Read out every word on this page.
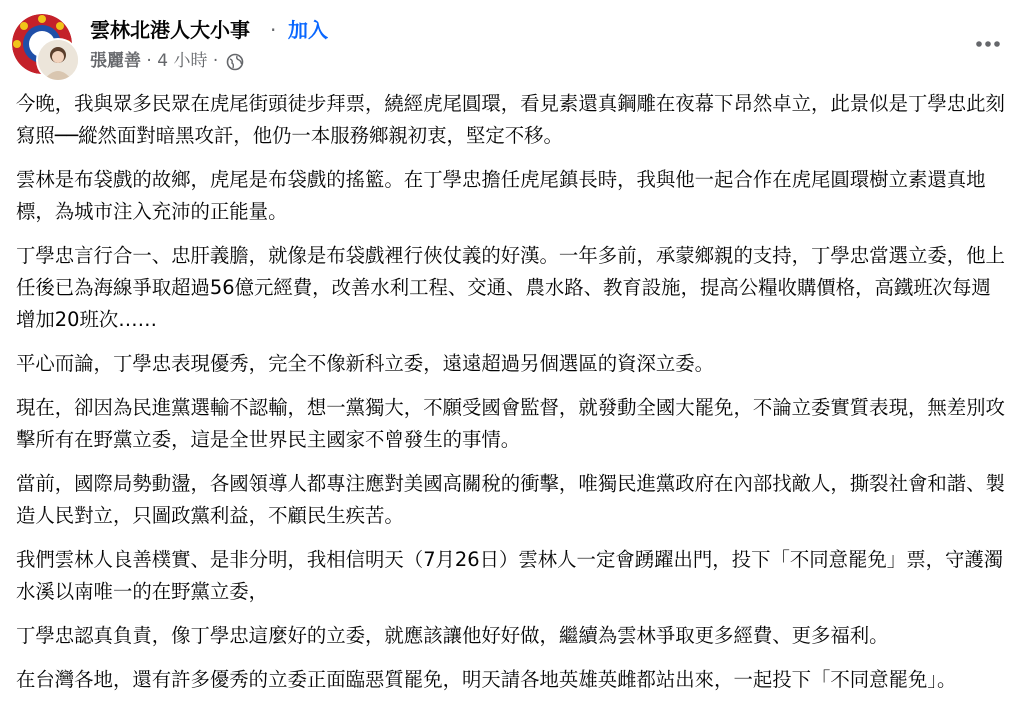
雲林北港人大小事 · 加入
張麗善 · 4 小時 ·

今晚，我與眾多民眾在虎尾街頭徒步拜票，繞經虎尾圓環，看見素還真鋼雕在夜幕下昂然卓立，此景似是丁學忠此刻寫照──縱然面對暗黑攻訐，他仍一本服務鄉親初衷，堅定不移。

雲林是布袋戲的故鄉，虎尾是布袋戲的搖籃。在丁學忠擔任虎尾鎮長時，我與他一起合作在虎尾圓環樹立素還真地標，為城市注入充沛的正能量。

丁學忠言行合一、忠肝義膽，就像是布袋戲裡行俠仗義的好漢。一年多前，承蒙鄉親的支持，丁學忠當選立委，他上任後已為海線爭取超過56億元經費，改善水利工程、交通、農水路、教育設施，提高公糧收購價格，高鐵班次每週增加20班次……

平心而論，丁學忠表現優秀，完全不像新科立委，遠遠超過另個選區的資深立委。

現在，卻因為民進黨選輸不認輸，想一黨獨大，不願受國會監督，就發動全國大罷免，不論立委實質表現，無差別攻擊所有在野黨立委，這是全世界民主國家不曾發生的事情。

當前，國際局勢動盪，各國領導人都專注應對美國高關稅的衝擊，唯獨民進黨政府在內部找敵人，撕裂社會和諧、製造人民對立，只圖政黨利益，不顧民生疾苦。

我們雲林人良善樸實、是非分明，我相信明天（7月26日）雲林人一定會踴躍出門，投下「不同意罷免」票，守護濁水溪以南唯一的在野黨立委，

丁學忠認真負責，像丁學忠這麼好的立委，就應該讓他好好做，繼續為雲林爭取更多經費、更多福利。

在台灣各地，還有許多優秀的立委正面臨惡質罷免，明天請各地英雄英雌都站出來，一起投下「不同意罷免」。
